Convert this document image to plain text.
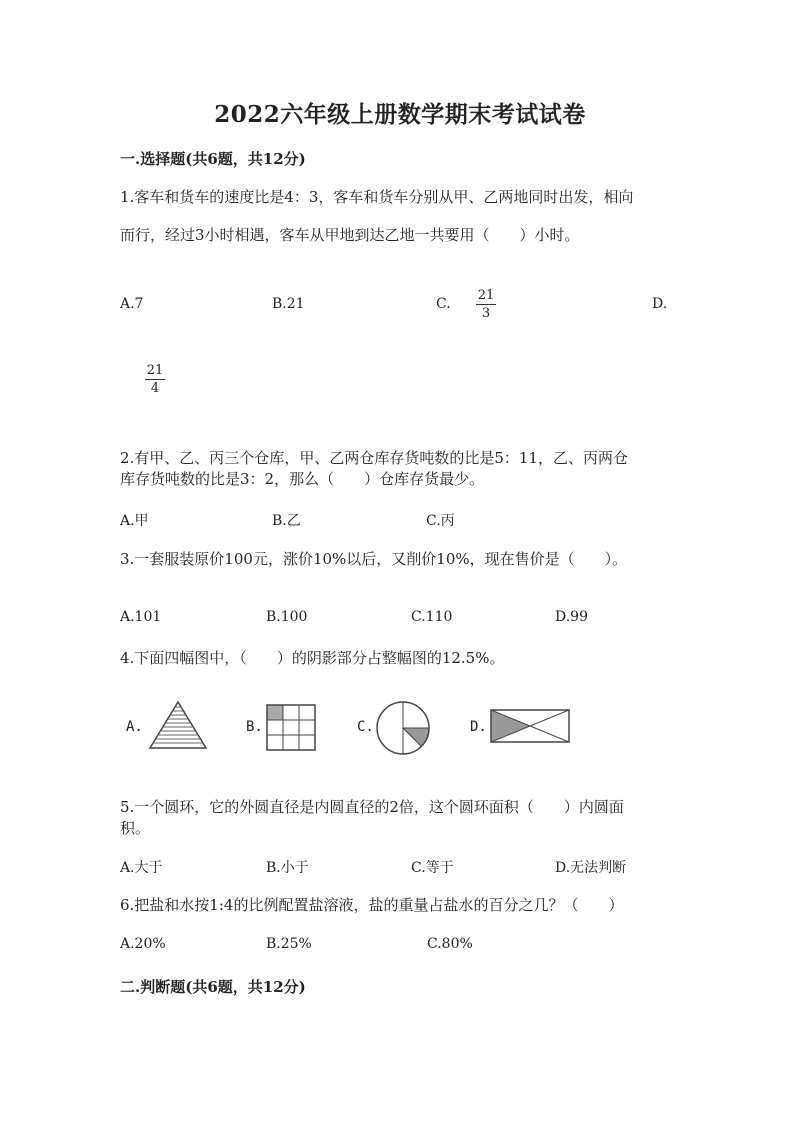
2022六年级上册数学期末考试试卷
一.选择题(共6题，共12分)
1.客车和货车的速度比是4：3，客车和货车分别从甲、乙两地同时出发，相向
而行，经过3小时相遇，客车从甲地到达乙地一共要用（　　）小时。
A.7	B.21	C.
21
3
D.
21
4
2.有甲、乙、丙三个仓库，甲、乙两仓库存货吨数的比是5：11，乙、丙两仓
库存货吨数的比是3：2，那么（　　）仓库存货最少。
A.甲	B.乙	C.丙
3.一套服装原价100元，涨价10%以后，又削价10%，现在售价是（　　）。
A.101	B.100	C.110	D.99
4.下面四幅图中，（　　）的阴影部分占整幅图的12.5%。
A.	B.	C.	D.
5.一个圆环，它的外圆直径是内圆直径的2倍，这个圆环面积（　　）内圆面
积。
A.大于	B.小于	C.等于	D.无法判断
6.把盐和水按1:4的比例配置盐溶液，盐的重量占盐水的百分之几？（　　）
A.20%	B.25%	C.80%
二.判断题(共6题，共12分)
